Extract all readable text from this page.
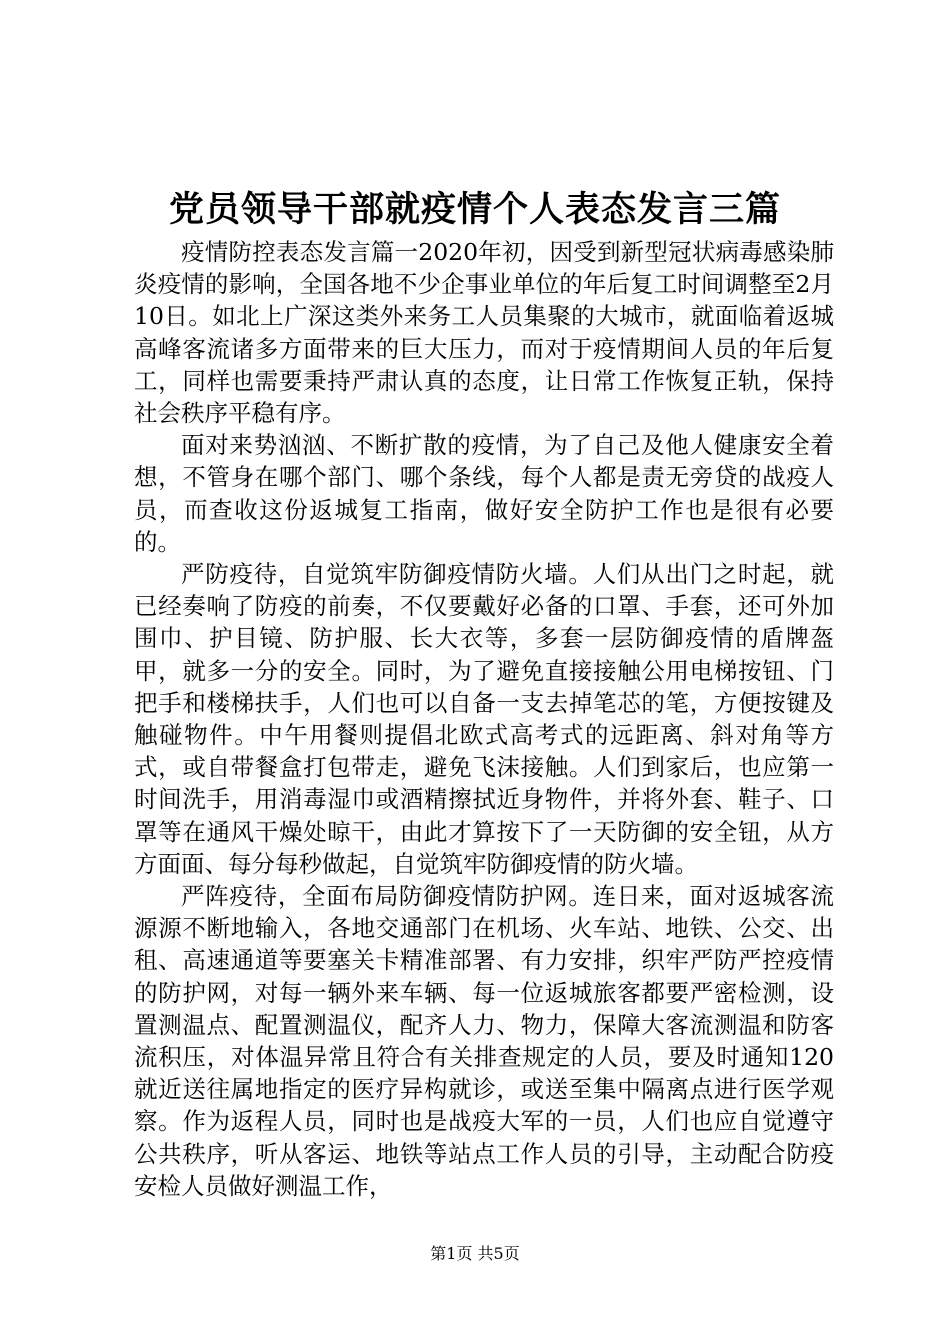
党员领导干部就疫情个人表态发言三篇

疫情防控表态发言篇一2020年初，因受到新型冠状病毒感染肺炎疫情的影响，全国各地不少企事业单位的年后复工时间调整至2月10日。如北上广深这类外来务工人员集聚的大城市，就面临着返城高峰客流诸多方面带来的巨大压力，而对于疫情期间人员的年后复工，同样也需要秉持严肃认真的态度，让日常工作恢复正轨，保持社会秩序平稳有序。

面对来势汹汹、不断扩散的疫情，为了自己及他人健康安全着想，不管身在哪个部门、哪个条线，每个人都是责无旁贷的战疫人员，而查收这份返城复工指南，做好安全防护工作也是很有必要的。

严防疫待，自觉筑牢防御疫情防火墙。人们从出门之时起，就已经奏响了防疫的前奏，不仅要戴好必备的口罩、手套，还可外加围巾、护目镜、防护服、长大衣等，多套一层防御疫情的盾牌盔甲，就多一分的安全。同时，为了避免直接接触公用电梯按钮、门把手和楼梯扶手，人们也可以自备一支去掉笔芯的笔，方便按键及触碰物件。中午用餐则提倡北欧式高考式的远距离、斜对角等方式，或自带餐盒打包带走，避免飞沫接触。人们到家后，也应第一时间洗手，用消毒湿巾或酒精擦拭近身物件，并将外套、鞋子、口罩等在通风干燥处晾干，由此才算按下了一天防御的安全钮，从方方面面、每分每秒做起，自觉筑牢防御疫情的防火墙。

严阵疫待，全面布局防御疫情防护网。连日来，面对返城客流源源不断地输入，各地交通部门在机场、火车站、地铁、公交、出租、高速通道等要塞关卡精准部署、有力安排，织牢严防严控疫情的防护网，对每一辆外来车辆、每一位返城旅客都要严密检测，设置测温点、配置测温仪，配齐人力、物力，保障大客流测温和防客流积压，对体温异常且符合有关排查规定的人员，要及时通知120就近送往属地指定的医疗异构就诊，或送至集中隔离点进行医学观察。作为返程人员，同时也是战疫大军的一员，人们也应自觉遵守公共秩序，听从客运、地铁等站点工作人员的引导，主动配合防疫安检人员做好测温工作，

第1页 共5页
